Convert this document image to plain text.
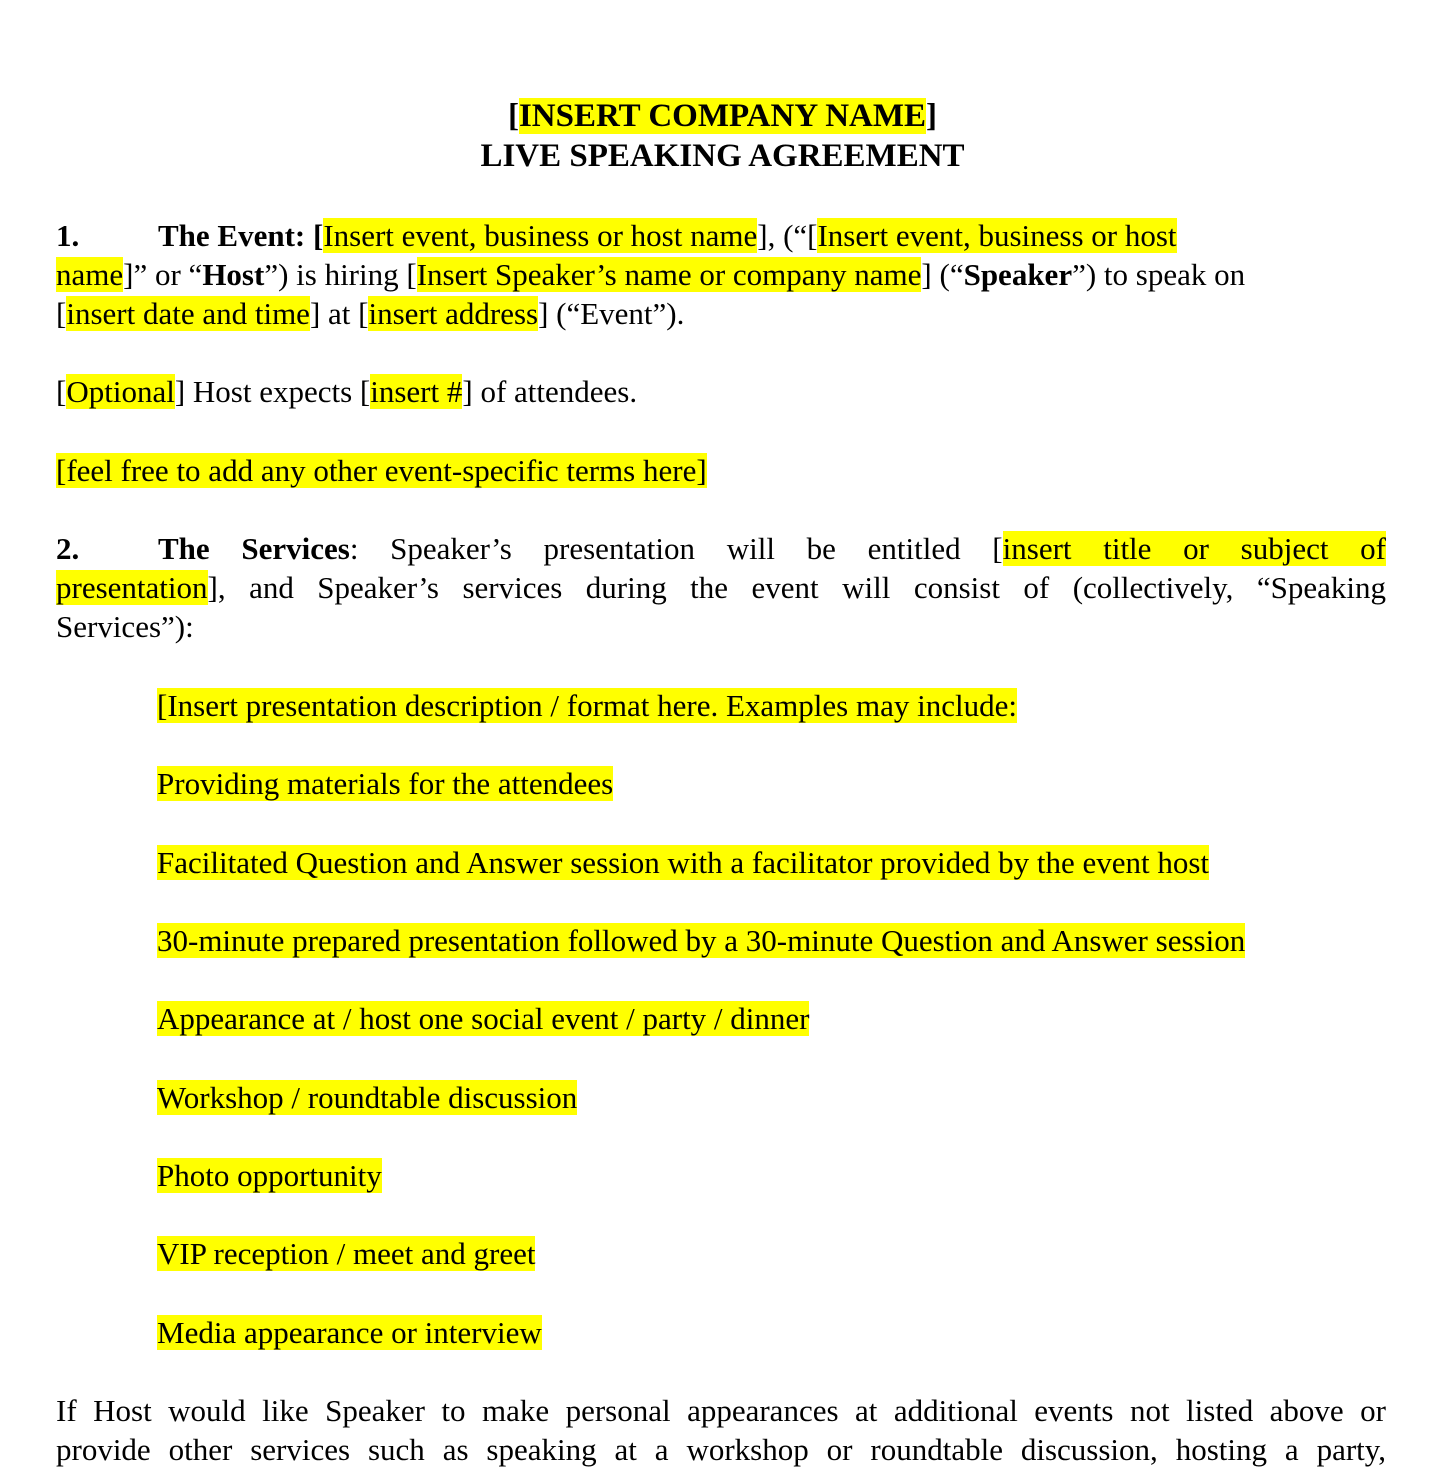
[INSERT COMPANY NAME]
LIVE SPEAKING AGREEMENT
1.	The Event: [Insert event, business or host name], (“[Insert event, business or host
name]” or “Host”) is hiring [Insert Speaker’s name or company name] (“Speaker”) to speak on
[insert date and time] at [insert address] (“Event”).
[Optional] Host expects [insert #] of attendees.
[feel free to add any other event-specific terms here]
2.	The Services: Speaker’s presentation will be entitled [insert title or subject of
presentation], and Speaker’s services during the event will consist of (collectively, “Speaking
Services”):
[Insert presentation description / format here. Examples may include:
Providing materials for the attendees
Facilitated Question and Answer session with a facilitator provided by the event host
30-minute prepared presentation followed by a 30-minute Question and Answer session
Appearance at / host one social event / party / dinner
Workshop / roundtable discussion
Photo opportunity
VIP reception / meet and greet
Media appearance or interview
If Host would like Speaker to make personal appearances at additional events not listed above or
provide other services such as speaking at a workshop or roundtable discussion, hosting a party,
